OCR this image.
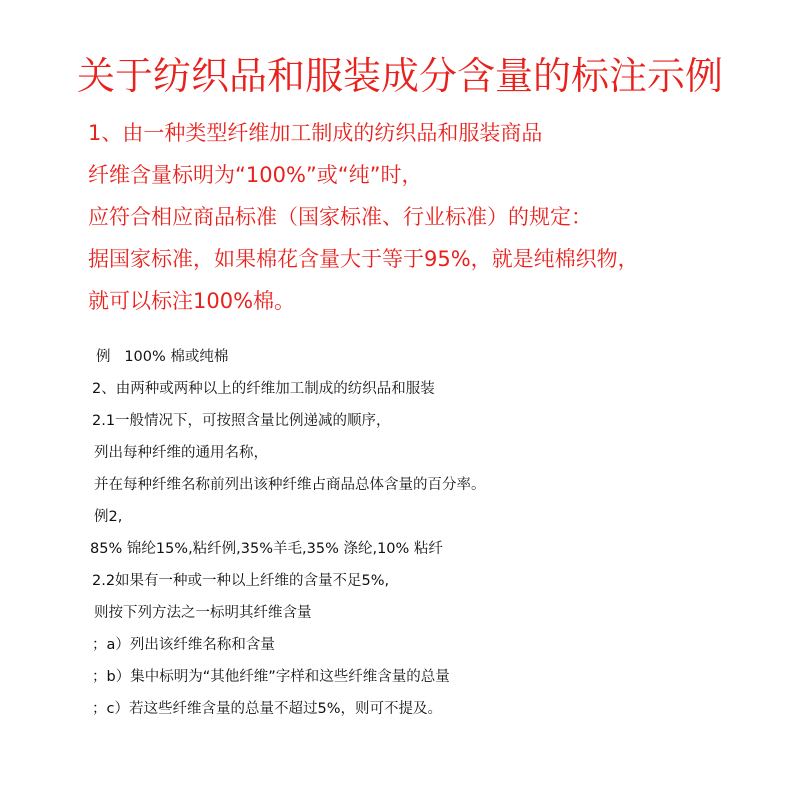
关于纺织品和服装成分含量的标注示例
1、由一种类型纤维加工制成的纺织品和服装商品
纤维含量标明为“100%”或“纯”时，
应符合相应商品标准（国家标准、行业标准）的规定：
据国家标准，如果棉花含量大于等于95%，就是纯棉织物，
就可以标注100%棉。
例   100% 棉或纯棉
2、由两种或两种以上的纤维加工制成的纺织品和服装
2.1一般情况下，可按照含量比例递减的顺序，
列出每种纤维的通用名称，
并在每种纤维名称前列出该种纤维占商品总体含量的百分率。
例2,
85% 锦纶15%,粘纤例,35%羊毛,35% 涤纶,10% 粘纤
2.2如果有一种或一种以上纤维的含量不足5%,
则按下列方法之一标明其纤维含量
；a）列出该纤维名称和含量
；b）集中标明为“其他纤维”字样和这些纤维含量的总量
；c）若这些纤维含量的总量不超过5%，则可不提及。
